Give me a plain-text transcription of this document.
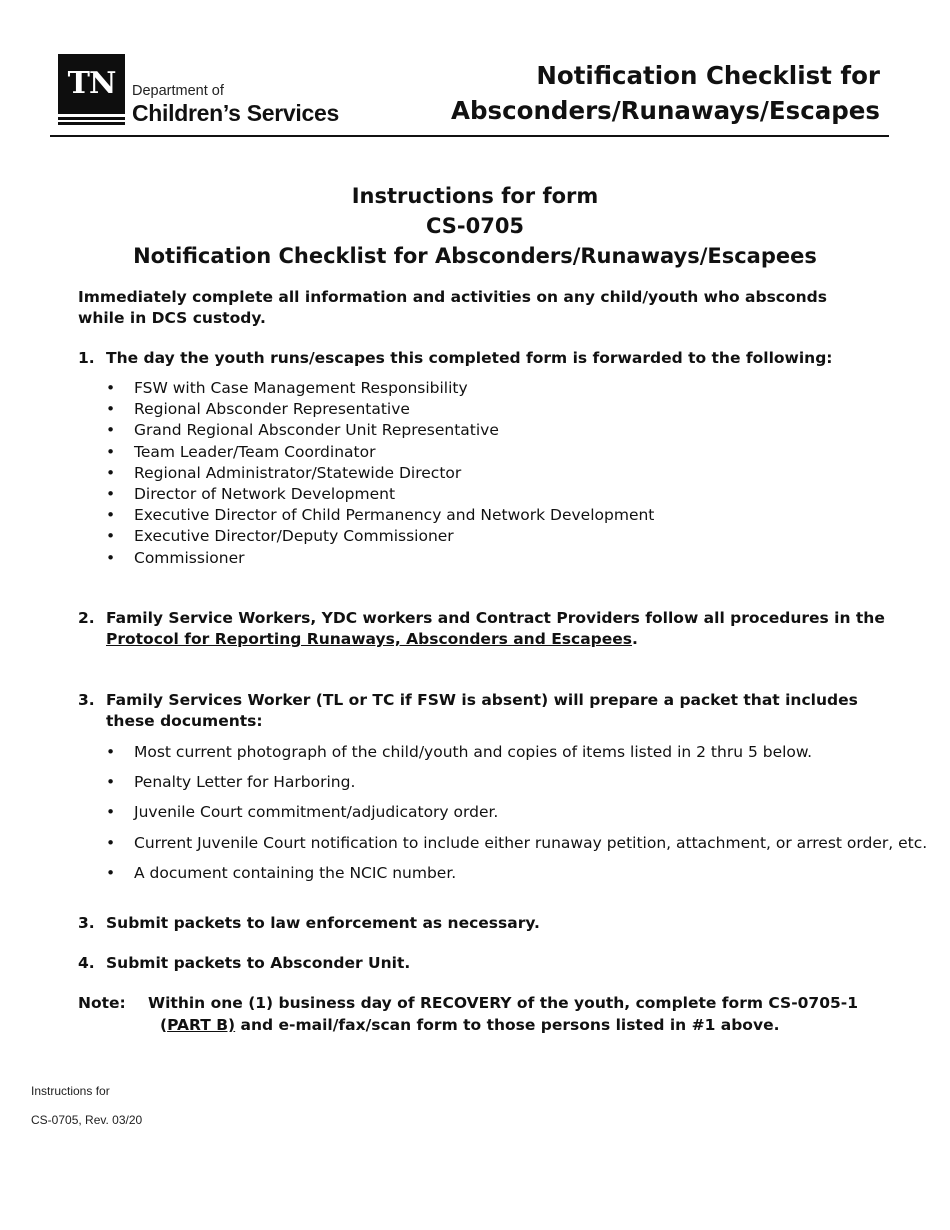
TN	Department of
Children’s Services
Notification Checklist for
Absconders/Runaways/Escapes
Instructions for form
CS-0705
Notification Checklist for Absconders/Runaways/Escapees
Immediately complete all information and activities on any child/youth who absconds while in DCS custody.
1. The day the youth runs/escapes this completed form is forwarded to the following:
• FSW with Case Management Responsibility
• Regional Absconder Representative
• Grand Regional Absconder Unit Representative
• Team Leader/Team Coordinator
• Regional Administrator/Statewide Director
• Director of Network Development
• Executive Director of Child Permanency and Network Development
• Executive Director/Deputy Commissioner
• Commissioner
2. Family Service Workers, YDC workers and Contract Providers follow all procedures in the Protocol for Reporting Runaways, Absconders and Escapees.
3. Family Services Worker (TL or TC if FSW is absent) will prepare a packet that includes these documents:
• Most current photograph of the child/youth and copies of items listed in 2 thru 5 below.
• Penalty Letter for Harboring.
• Juvenile Court commitment/adjudicatory order.
• Current Juvenile Court notification to include either runaway petition, attachment, or arrest order, etc.
• A document containing the NCIC number.
3. Submit packets to law enforcement as necessary.
4. Submit packets to Absconder Unit.
Note: Within one (1) business day of RECOVERY of the youth, complete form CS-0705-1 (PART B) and e-mail/fax/scan form to those persons listed in #1 above.
Instructions for
CS-0705, Rev. 03/20
